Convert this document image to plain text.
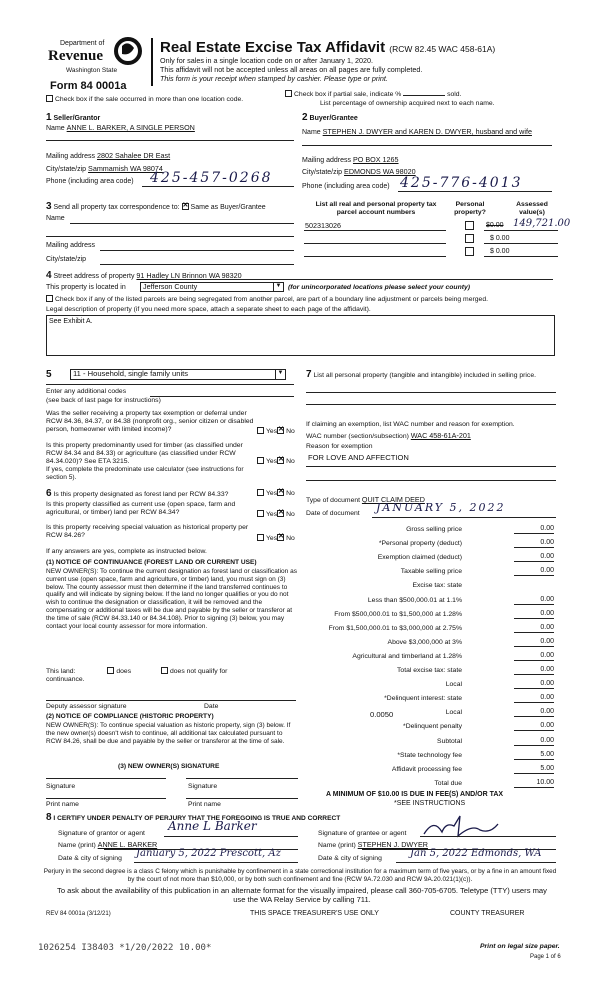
Department of
Revenue
Washington State
Form 84 0001a
Real Estate Excise Tax Affidavit (RCW 82.45 WAC 458-61A)
Only for sales in a single location code on or after January 1, 2020.
This affidavit will not be accepted unless all areas on all pages are fully completed.
This form is your receipt when stamped by cashier. Please type or print.
Check box if the sale occurred in more than one location code.
Check box if partial sale, indicate %	sold.
List percentage of ownership acquired next to each name.
1 Seller/Grantor
Name ANNE L. BARKER, A SINGLE PERSON
Mailing address 2802 Sahalee DR East
City/state/zip Sammamish WA 98074
Phone (including area code) 425-457-0268
2 Buyer/Grantee
Name STEPHEN J. DWYER and KAREN D. DWYER, husband and wife
Mailing address PO BOX 1265
City/state/zip EDMONDS WA 98020
Phone (including area code) 425-776-4013
3 Send all property tax correspondence to: ✕ Same as Buyer/Grantee
Name
Mailing address
City/state/zip
List all real and personal property tax parcel account numbers
Personal property?
Assessed value(s)
502313026	$0.00 149,721.00
$ 0.00
$ 0.00
4 Street address of property 91 Hadley LN Brinnon WA 98320
This property is located in	Jefferson County	▼ (for unincorporated locations please select your county)
Check box if any of the listed parcels are being segregated from another parcel, are part of a boundary line adjustment or parcels being merged.
Legal description of property (if you need more space, attach a separate sheet to each page of the affidavit).
See Exhibit A.
5	11 - Household, single family units	▼
Enter any additional codes
(see back of last page for instructions)
Was the seller receiving a property tax exemption or deferral under RCW 84.36, 84.37, or 84.38 (nonprofit org., senior citizen or disabled person, homeowner with limited income)?	Yes ✕ No
Is this property predominantly used for timber (as classified under RCW 84.34 and 84.33) or agriculture (as classified under RCW 84.34.020)? See ETA 3215.	Yes ✕ No
If yes, complete the predominate use calculator (see instructions for section 5).
6 Is this property designated as forest land per RCW 84.33?	Yes ✕ No
Is this property classified as current use (open space, farm and agricultural, or timber) land per RCW 84.34?	Yes ✕ No
Is this property receiving special valuation as historical property per RCW 84.26?	Yes ✕ No
If any answers are yes, complete as instructed below.
(1) NOTICE OF CONTINUANCE (FOREST LAND OR CURRENT USE)
NEW OWNER(S): To continue the current designation as forest land or classification as current use (open space, farm and agriculture, or timber) land, you must sign on (3) below. The county assessor must then determine if the land transferred continues to qualify and will indicate by signing below. If the land no longer qualifies or you do not wish to continue the designation or classification, it will be removed and the compensating or additional taxes will be due and payable by the seller or transferor at the time of sale (RCW 84.33.140 or 84.34.108). Prior to signing (3) below, you may contact your local county assessor for more information.
This land:	does	does not qualify for
continuance.
Deputy assessor signature	Date
(2) NOTICE OF COMPLIANCE (HISTORIC PROPERTY)
NEW OWNER(S): To continue special valuation as historic property, sign (3) below. If the new owner(s) doesn't wish to continue, all additional tax calculated pursuant to RCW 84.26, shall be due and payable by the seller or transferor at the time of sale.
(3) NEW OWNER(S) SIGNATURE
Signature	Signature
Print name	Print name
7 List all personal property (tangible and intangible) included in selling price.
If claiming an exemption, list WAC number and reason for exemption.
WAC number (section/subsection) WAC 458-61A-201
Reason for exemption
FOR LOVE AND AFFECTION
Type of document QUIT CLAIM DEED
Date of document JANUARY 5, 2022
Gross selling price	0.00
*Personal property (deduct)	0.00
Exemption claimed (deduct)	0.00
Taxable selling price	0.00
Excise tax: state
Less than $500,000.01 at 1.1%	0.00
From $500,000.01 to $1,500,000 at 1.28%	0.00
From $1,500,000.01 to $3,000,000 at 2.75%	0.00
Above $3,000,000 at 3%	0.00
Agricultural and timberland at 1.28%	0.00
Total excise tax: state	0.00
Local	0.00
*Delinquent interest: state	0.00
Local	0.00
*Delinquent penalty	0.00
Subtotal	0.00
*State technology fee	5.00
Affidavit processing fee	5.00
Total due	10.00
0.0050
A MINIMUM OF $10.00 IS DUE IN FEE(S) AND/OR TAX
*SEE INSTRUCTIONS
8 I CERTIFY UNDER PENALTY OF PERJURY THAT THE FOREGOING IS TRUE AND CORRECT
Signature of grantor or agent
Anne L Barker
Name (print) ANNE L. BARKER
Date & city of signing January 5, 2022 Prescott, Az
Signature of grantee or agent
Name (print) STEPHEN J. DWYER
Date & city of signing	Jan 5, 2022 Edmonds, WA
Perjury in the second degree is a class C felony which is punishable by confinement in a state correctional institution for a maximum term of five years, or by a fine in an amount fixed by the court of not more than $10,000, or by both such confinement and fine (RCW 9A.72.030 and RCW 9A.20.021(1)(c)).
To ask about the availability of this publication in an alternate format for the visually impaired, please call 360-705-6705. Teletype (TTY) users may use the WA Relay Service by calling 711.
REV 84 0001a (3/12/21)	THIS SPACE TREASURER'S USE ONLY	COUNTY TREASURER
1026254 I38403 *1/20/2022 10.00*	Print on legal size paper.
Page 1 of 6
